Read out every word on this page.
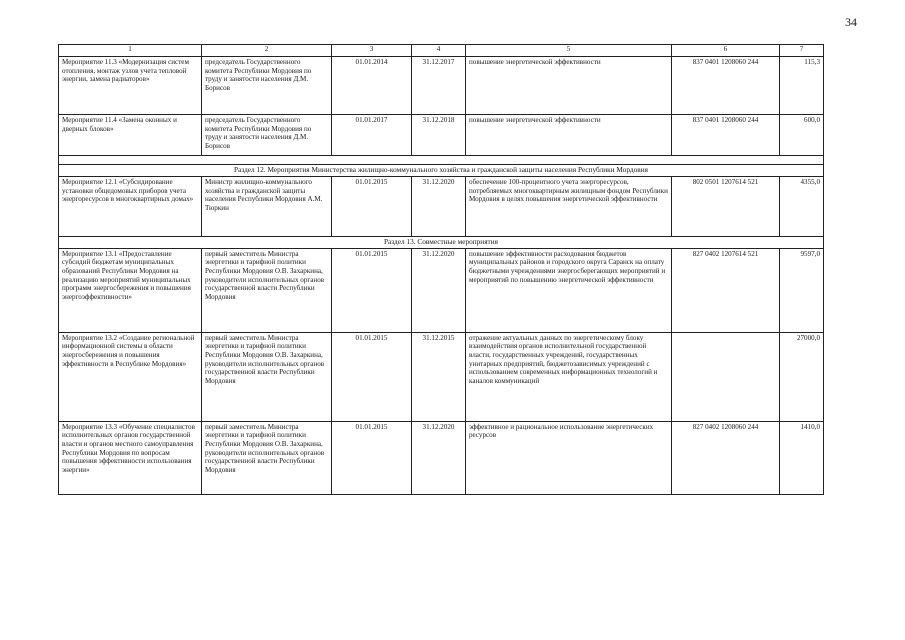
34
1	2	3	4	5	6	7
Мероприятие 11.3 «Модернизация систем отопления, монтаж узлов учета тепловой энергии, замена радиаторов»	председатель Государственного комитета Республики Мордовия по труду и занятости населения Д.М. Борисов	01.01.2014	31.12.2017	повышение энергетической эффективности	837 0401 1208060 244	115,3
Мероприятие 11.4 «Замена оконных и дверных блоков»	председатель Государственного комитета Республики Мордовия по труду и занятости населения Д.М. Борисов	01.01.2017	31.12.2018	повышение энергетической эффективности	837 0401 1208060 244	600,0

Раздел 12. Мероприятия Министерства жилищно-коммунального хозяйства и гражданской защиты населения Республики Мордовия						
Мероприятие 12.1 «Субсидирование установки общедомовых приборов учета энергоресурсов в многоквартирных домах»	Министр жилищно-коммунального хозяйства и гражданской защиты населения Республики Мордовия А.М. Тюркин	01.01.2015	31.12.2020	обеспечение 100-процентного учета энергоресурсов, потребляемых многоквартирным жилищным фондом Республики Мордовия в целях повышения энергетической эффективности	802 0501 1207614 521	4355,0
Раздел 13. Совместные мероприятия						
Мероприятие 13.1 «Предоставление субсидий бюджетам муниципальных образований Республики Мордовия на реализацию мероприятий муниципальных программ энергосбережения и повышения энергоэффективности»	первый заместитель Министра энергетики и тарифной политики Республики Мордовия О.В. Захаркина, руководители исполнительных органов государственной власти Республики Мордовия	01.01.2015	31.12.2020	повышение эффективности расходования бюджетов муниципальных районов и городского округа Саранск на оплату бюджетными учреждениями энергосберегающих мероприятий и мероприятий по повышению энергетической эффективности	827 0402 1207614 521	9597,0
Мероприятие 13.2 «Создание региональной информационной системы в области энергосбережения и повышения эффективности в Республике Мордовия»	первый заместитель Министра энергетики и тарифной политики Республики Мордовия О.В. Захаркина, руководители исполнительных органов государственной власти Республики Мордовия	01.01.2015	31.12.2015	отражение актуальных данных по энергетическому блоку взаимодействия органов исполнительной государственной власти, государственных учреждений, государственных унитарных предприятий, бюджетозависимых учреждений с использованием современных информационных технологий и каналов коммуникаций		27000,0
Мероприятие 13.3 «Обучение специалистов исполнительных органов государственной власти и органов местного самоуправления Республики Мордовия по вопросам повышения эффективности использования энергии»	первый заместитель Министра энергетики и тарифной политики Республики Мордовия О.В. Захаркина, руководители исполнительных органов государственной власти Республики Мордовия	01.01.2015	31.12.2020	эффективное и рациональное использование энергетических ресурсов	827 0402 1208060 244	1410,0
